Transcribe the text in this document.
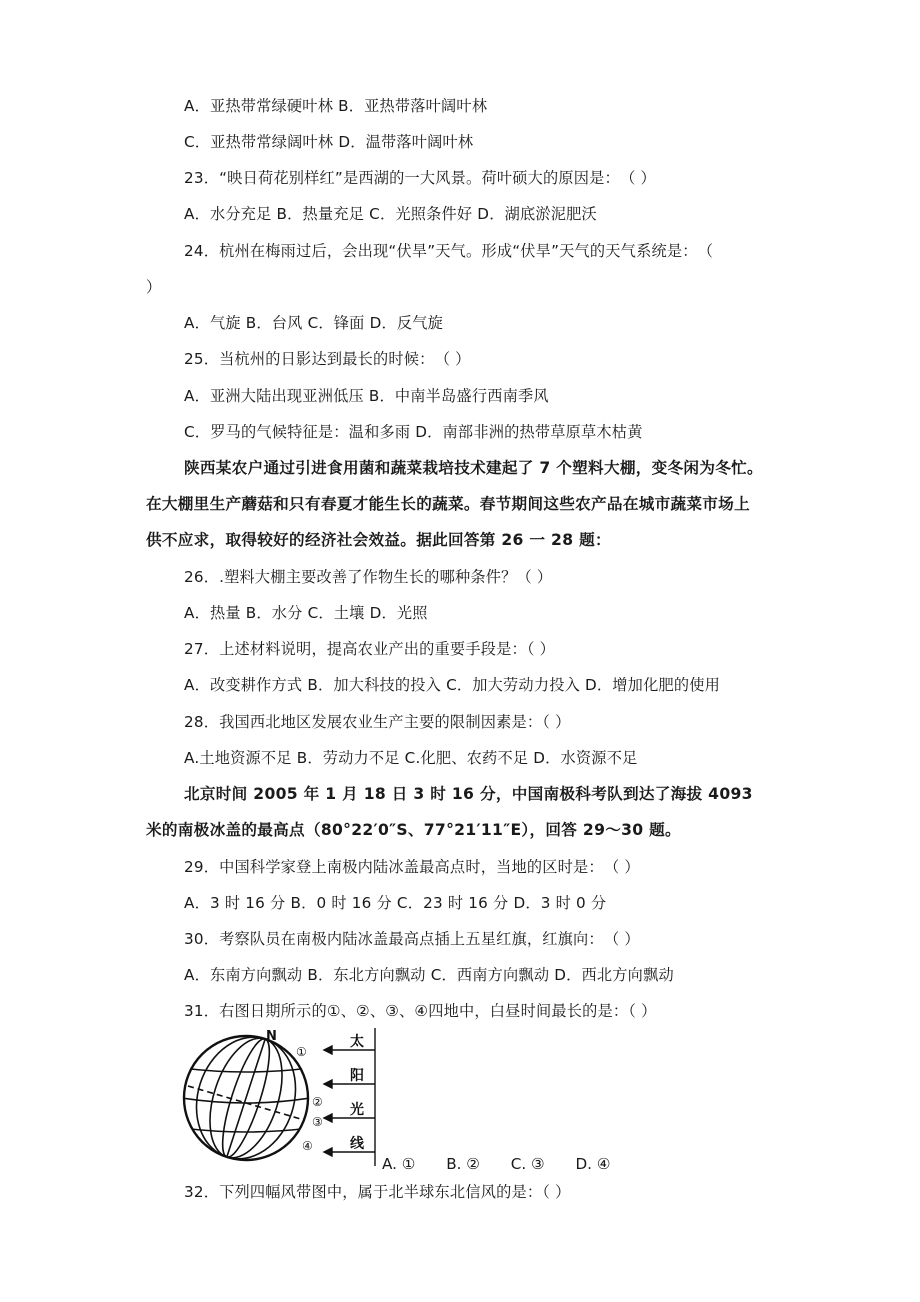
A．亚热带常绿硬叶林 B．亚热带落叶阔叶林
C．亚热带常绿阔叶林 D．温带落叶阔叶林
23．“映日荷花别样红”是西湖的一大风景。荷叶硕大的原因是：　（ ）
A．水分充足 B．热量充足 C．光照条件好 D．湖底淤泥肥沃
24．杭州在梅雨过后，会出现“伏旱”天气。形成“伏旱”天气的天气系统是：　（
）
A．气旋 B．台风 C．锋面 D．反气旋
25．当杭州的日影达到最长的时候：　（ ）
A．亚洲大陆出现亚洲低压 B．中南半岛盛行西南季风
C．罗马的气候特征是：温和多雨 D．南部非洲的热带草原草木枯黄
陕西某农户通过引进食用菌和蔬菜栽培技术建起了 7 个塑料大棚，变冬闲为冬忙。
在大棚里生产蘑菇和只有春夏才能生长的蔬菜。春节期间这些农产品在城市蔬菜市场上
供不应求，取得较好的经济社会效益。据此回答第 26 一 28 题：
26．.塑料大棚主要改善了作物生长的哪种条件？（ ）
A．热量 B．水分 C．土壤 D．光照
27．上述材料说明，提高农业产出的重要手段是：（ ）
A．改变耕作方式 B．加大科技的投入 C．加大劳动力投入 D．增加化肥的使用
28．我国西北地区发展农业生产主要的限制因素是：（ ）
A.土地资源不足 B．劳动力不足 C.化肥、农药不足 D．水资源不足
北京时间 2005 年 1 月 18 日 3 时 16 分，中国南极科考队到达了海拔 4093
米的南极冰盖的最高点（80°22′0″S、77°21′11″E），回答 29～30 题。
29．中国科学家登上南极内陆冰盖最高点时，当地的区时是：　（ ）
A．3 时 16 分 B．0 时 16 分 C．23 时 16 分 D．3 时 0 分
30．考察队员在南极内陆冰盖最高点插上五星红旗，红旗向：　（ ）
A．东南方向飘动 B．东北方向飘动 C．西南方向飘动 D．西北方向飘动
31．右图日期所示的①、②、③、④四地中，白昼时间最长的是：（ ）
N
①
②
③
④
太
阳
光
线
A. ① B. ② C. ③ D. ④
32．下列四幅风带图中，属于北半球东北信风的是：（ ）
